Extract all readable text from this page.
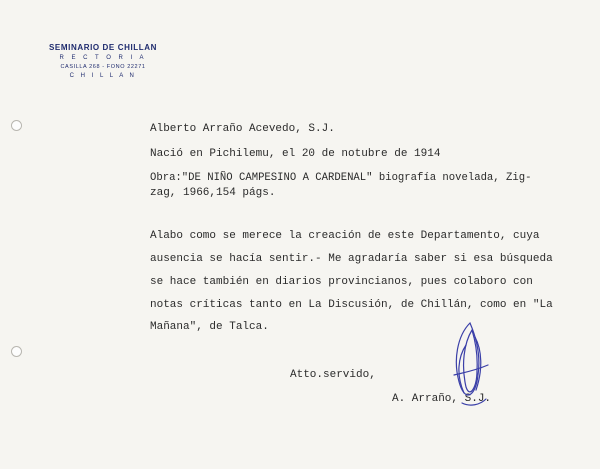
SEMINARIO DE CHILLAN
R E C T O R I A
CASILLA 268 - FONO 22271
C H I L L A N
Alberto Arraño Acevedo, S.J.
Nació en Pichilemu, el 20 de notubre de 1914
Obra:"DE NIÑO CAMPESINO A CARDENAL" biografía novelada, Zig-
zag, 1966,154 págs.
Alabo como se merece la creación de este Departamento, cuya
ausencia se hacía sentir.- Me agradaría saber si esa búsqueda
se hace también en diarios provincianos, pues colaboro con
notas críticas tanto en La Discusión, de Chillán, como en "La
Mañana", de Talca.
Atto.servido,
A. Arraño, S.J.
